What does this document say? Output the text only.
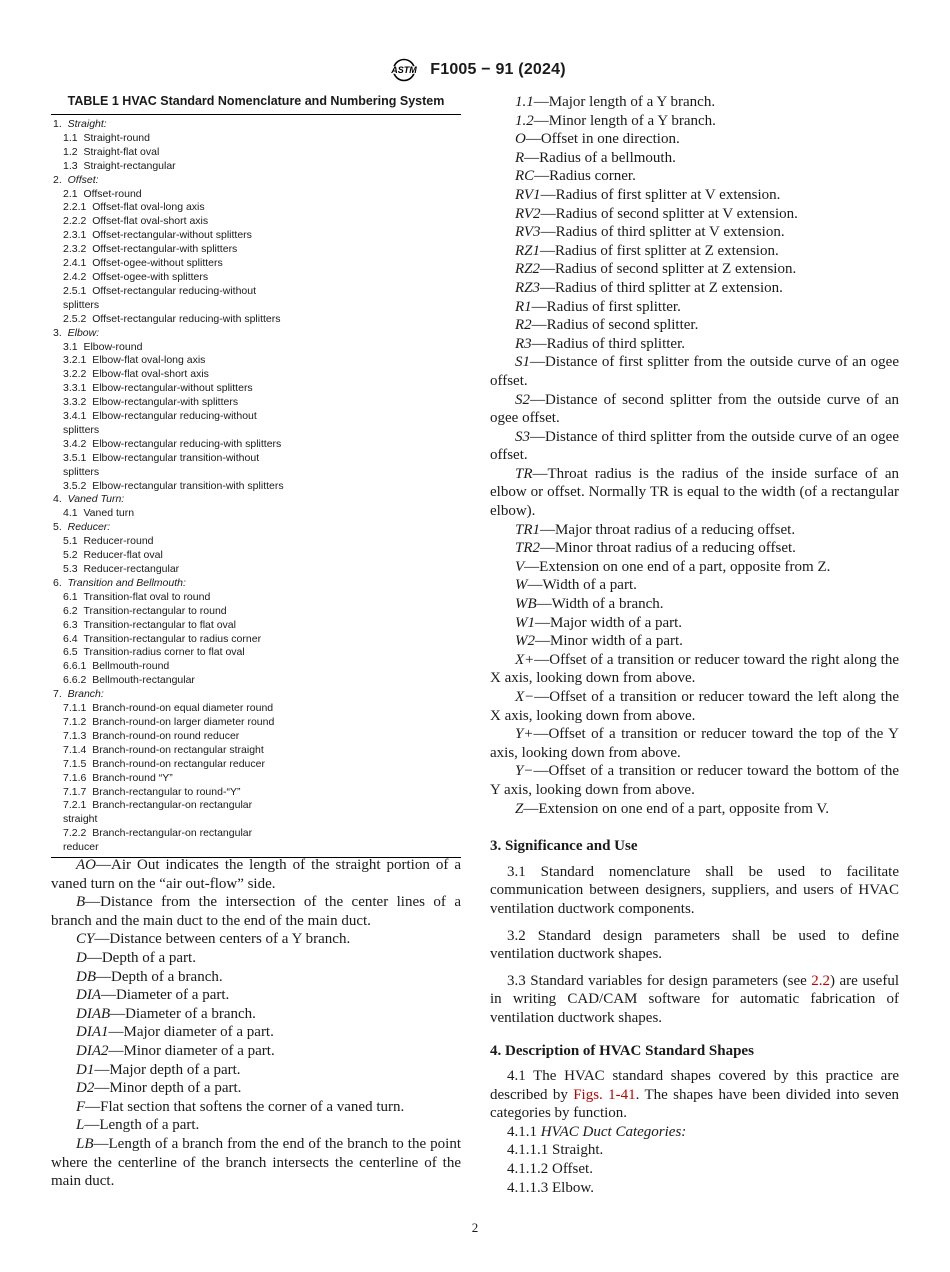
ASTM F1005 − 91 (2024)
TABLE 1 HVAC Standard Nomenclature and Numbering System
1. Straight:
1.1 Straight-round
1.2 Straight-flat oval
1.3 Straight-rectangular
2. Offset:
2.1 Offset-round
2.2.1 Offset-flat oval-long axis
2.2.2 Offset-flat oval-short axis
2.3.1 Offset-rectangular-without splitters
2.3.2 Offset-rectangular-with splitters
2.4.1 Offset-ogee-without splitters
2.4.2 Offset-ogee-with splitters
2.5.1 Offset-rectangular reducing-without splitters
2.5.2 Offset-rectangular reducing-with splitters
3. Elbow:
3.1 Elbow-round
3.2.1 Elbow-flat oval-long axis
3.2.2 Elbow-flat oval-short axis
3.3.1 Elbow-rectangular-without splitters
3.3.2 Elbow-rectangular-with splitters
3.4.1 Elbow-rectangular reducing-without splitters
3.4.2 Elbow-rectangular reducing-with splitters
3.5.1 Elbow-rectangular transition-without splitters
3.5.2 Elbow-rectangular transition-with splitters
4. Vaned Turn:
4.1 Vaned turn
5. Reducer:
5.1 Reducer-round
5.2 Reducer-flat oval
5.3 Reducer-rectangular
6. Transition and Bellmouth:
6.1 Transition-flat oval to round
6.2 Transition-rectangular to round
6.3 Transition-rectangular to flat oval
6.4 Transition-rectangular to radius corner
6.5 Transition-radius corner to flat oval
6.6.1 Bellmouth-round
6.6.2 Bellmouth-rectangular
7. Branch:
7.1.1 Branch-round-on equal diameter round
7.1.2 Branch-round-on larger diameter round
7.1.3 Branch-round-on round reducer
7.1.4 Branch-round-on rectangular straight
7.1.5 Branch-round-on rectangular reducer
7.1.6 Branch-round “Y”
7.1.7 Branch-rectangular to round-“Y”
7.2.1 Branch-rectangular-on rectangular straight
7.2.2 Branch-rectangular-on rectangular reducer

AO—Air Out indicates the length of the straight portion of a vaned turn on the “air out-flow” side.

B—Distance from the intersection of the center lines of a branch and the main duct to the end of the main duct.

CY—Distance between centers of a Y branch.

D—Depth of a part.

DB—Depth of a branch.

DIA—Diameter of a part.

DIAB—Diameter of a branch.

DIA1—Major diameter of a part.

DIA2—Minor diameter of a part.

D1—Major depth of a part.

D2—Minor depth of a part.

F—Flat section that softens the corner of a vaned turn.

L—Length of a part.

LB—Length of a branch from the end of the branch to the point where the centerline of the branch intersects the centerline of the main duct.

1.1—Major length of a Y branch.

1.2—Minor length of a Y branch.

O—Offset in one direction.

R—Radius of a bellmouth.

RC—Radius corner.

RV1—Radius of first splitter at V extension.

RV2—Radius of second splitter at V extension.

RV3—Radius of third splitter at V extension.

RZ1—Radius of first splitter at Z extension.

RZ2—Radius of second splitter at Z extension.

RZ3—Radius of third splitter at Z extension.

R1—Radius of first splitter.

R2—Radius of second splitter.

R3—Radius of third splitter.

S1—Distance of first splitter from the outside curve of an ogee offset.

S2—Distance of second splitter from the outside curve of an ogee offset.

S3—Distance of third splitter from the outside curve of an ogee offset.

TR—Throat radius is the radius of the inside surface of an elbow or offset. Normally TR is equal to the width (of a rectangular elbow).

TR1—Major throat radius of a reducing offset.

TR2—Minor throat radius of a reducing offset.

V—Extension on one end of a part, opposite from Z.

W—Width of a part.

WB—Width of a branch.

W1—Major width of a part.

W2—Minor width of a part.

X+—Offset of a transition or reducer toward the right along the X axis, looking down from above.

X−—Offset of a transition or reducer toward the left along the X axis, looking down from above.

Y+—Offset of a transition or reducer toward the top of the Y axis, looking down from above.

Y−—Offset of a transition or reducer toward the bottom of the Y axis, looking down from above.

Z—Extension on one end of a part, opposite from V.

3. Significance and Use

3.1 Standard nomenclature shall be used to facilitate communication between designers, suppliers, and users of HVAC ventilation ductwork components.

3.2 Standard design parameters shall be used to define ventilation ductwork shapes.

3.3 Standard variables for design parameters (see 2.2) are useful in writing CAD/CAM software for automatic fabrication of ventilation ductwork shapes.

4. Description of HVAC Standard Shapes

4.1 The HVAC standard shapes covered by this practice are described by Figs. 1-41. The shapes have been divided into seven categories by function.

4.1.1 HVAC Duct Categories:

4.1.1.1 Straight.

4.1.1.2 Offset.

4.1.1.3 Elbow.

2
